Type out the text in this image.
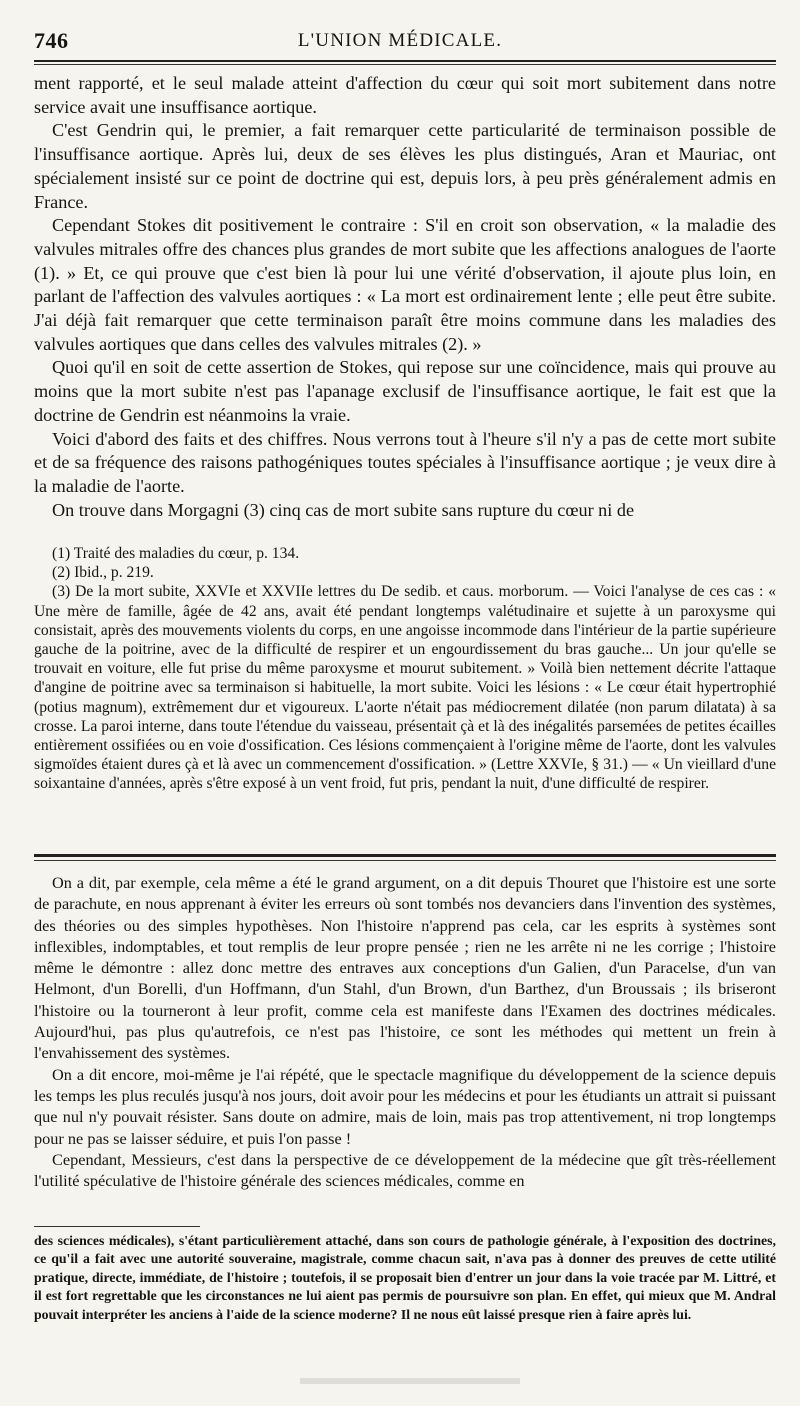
746	L'UNION MÉDICALE.

ment rapporté, et le seul malade atteint d'affection du cœur qui soit mort subitement dans notre service avait une insuffisance aortique.

C'est Gendrin qui, le premier, a fait remarquer cette particularité de terminaison possible de l'insuffisance aortique. Après lui, deux de ses élèves les plus distingués, Aran et Mauriac, ont spécialement insisté sur ce point de doctrine qui est, depuis lors, à peu près généralement admis en France.

Cependant Stokes dit positivement le contraire : S'il en croit son observation, « la maladie des valvules mitrales offre des chances plus grandes de mort subite que les affections analogues de l'aorte (1). » Et, ce qui prouve que c'est bien là pour lui une vérité d'observation, il ajoute plus loin, en parlant de l'affection des valvules aortiques : « La mort est ordinairement lente ; elle peut être subite. J'ai déjà fait remarquer que cette terminaison paraît être moins commune dans les maladies des valvules aortiques que dans celles des valvules mitrales (2). »

Quoi qu'il en soit de cette assertion de Stokes, qui repose sur une coïncidence, mais qui prouve au moins que la mort subite n'est pas l'apanage exclusif de l'insuffisance aortique, le fait est que la doctrine de Gendrin est néanmoins la vraie.

Voici d'abord des faits et des chiffres. Nous verrons tout à l'heure s'il n'y a pas de cette mort subite et de sa fréquence des raisons pathogéniques toutes spéciales à l'insuffisance aortique ; je veux dire à la maladie de l'aorte.

On trouve dans Morgagni (3) cinq cas de mort subite sans rupture du cœur ni de

(1) Traité des maladies du cœur, p. 134.

(2) Ibid., p. 219.

(3) De la mort subite, XXVIe et XXVIIe lettres du De sedib. et caus. morborum. — Voici l'analyse de ces cas : « Une mère de famille, âgée de 42 ans, avait été pendant longtemps valétudinaire et sujette à un paroxysme qui consistait, après des mouvements violents du corps, en une angoisse incommode dans l'intérieur de la partie supérieure gauche de la poitrine, avec de la difficulté de respirer et un engourdissement du bras gauche... Un jour qu'elle se trouvait en voiture, elle fut prise du même paroxysme et mourut subitement. » Voilà bien nettement décrite l'attaque d'angine de poitrine avec sa terminaison si habituelle, la mort subite. Voici les lésions : « Le cœur était hypertrophié (potius magnum), extrêmement dur et vigoureux. L'aorte n'était pas médiocrement dilatée (non parum dilatata) à sa crosse. La paroi interne, dans toute l'étendue du vaisseau, présentait çà et là des inégalités parsemées de petites écailles entièrement ossifiées ou en voie d'ossification. Ces lésions commençaient à l'origine même de l'aorte, dont les valvules sigmoïdes étaient dures çà et là avec un commencement d'ossification. » (Lettre XXVIe, § 31.) — « Un vieillard d'une soixantaine d'années, après s'être exposé à un vent froid, fut pris, pendant la nuit, d'une difficulté de respirer.

On a dit, par exemple, cela même a été le grand argument, on a dit depuis Thouret que l'histoire est une sorte de parachute, en nous apprenant à éviter les erreurs où sont tombés nos devanciers dans l'invention des systèmes, des théories ou des simples hypothèses. Non l'histoire n'apprend pas cela, car les esprits à systèmes sont inflexibles, indomptables, et tout remplis de leur propre pensée ; rien ne les arrête ni ne les corrige ; l'histoire même le démontre : allez donc mettre des entraves aux conceptions d'un Galien, d'un Paracelse, d'un van Helmont, d'un Borelli, d'un Hoffmann, d'un Stahl, d'un Brown, d'un Barthez, d'un Broussais ; ils briseront l'histoire ou la tourneront à leur profit, comme cela est manifeste dans l'Examen des doctrines médicales. Aujourd'hui, pas plus qu'autrefois, ce n'est pas l'histoire, ce sont les méthodes qui mettent un frein à l'envahissement des systèmes.

On a dit encore, moi-même je l'ai répété, que le spectacle magnifique du développement de la science depuis les temps les plus reculés jusqu'à nos jours, doit avoir pour les médecins et pour les étudiants un attrait si puissant que nul n'y pouvait résister. Sans doute on admire, mais de loin, mais pas trop attentivement, ni trop longtemps pour ne pas se laisser séduire, et puis l'on passe !

Cependant, Messieurs, c'est dans la perspective de ce développement de la médecine que gît très-réellement l'utilité spéculative de l'histoire générale des sciences médicales, comme en

des sciences médicales), s'étant particulièrement attaché, dans son cours de pathologie générale, à l'exposition des doctrines, ce qu'il a fait avec une autorité souveraine, magistrale, comme chacun sait, n'ava pas à donner des preuves de cette utilité pratique, directe, immédiate, de l'histoire ; toutefois, il se proposait bien d'entrer un jour dans la voie tracée par M. Littré, et il est fort regrettable que les circonstances ne lui aient pas permis de poursuivre son plan. En effet, qui mieux que M. Andral pouvait interpréter les anciens à l'aide de la science moderne? Il ne nous eût laissé presque rien à faire après lui.
